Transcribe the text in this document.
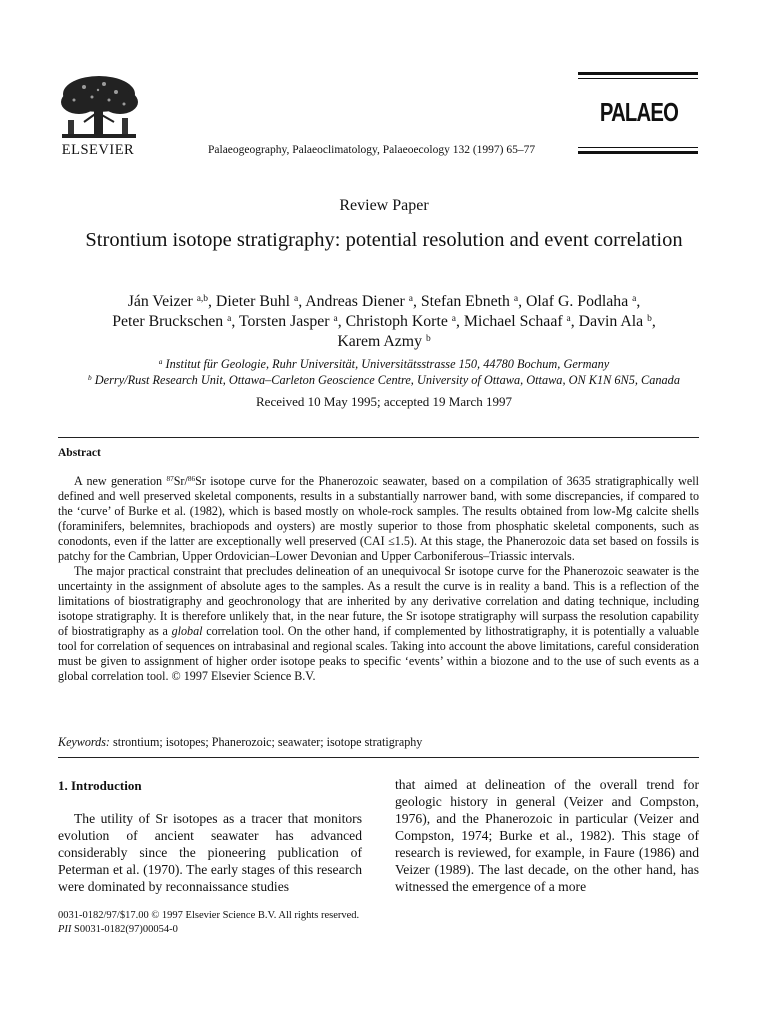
ELSEVIER	Palaeogeography, Palaeoclimatology, Palaeoecology 132 (1997) 65–77
PALAEO
Review Paper
Strontium isotope stratigraphy: potential resolution and event correlation
Ján Veizer $^{a,b}$, Dieter Buhl $^a$, Andreas Diener $^a$, Stefan Ebneth $^a$, Olaf G. Podlaha $^a$,
Peter Bruckschen $^a$, Torsten Jasper $^a$, Christoph Korte $^a$, Michael Schaaf $^a$, Davin Ala $^b$,
Karem Azmy $^b$
$^a$ Institut für Geologie, Ruhr Universität, Universitätsstrasse 150, 44780 Bochum, Germany
$^b$ Derry/Rust Research Unit, Ottawa–Carleton Geoscience Centre, University of Ottawa, Ottawa, ON K1N 6N5, Canada
Received 10 May 1995; accepted 19 March 1997
Abstract

A new generation $^{87}$Sr/$^{86}$Sr isotope curve for the Phanerozoic seawater, based on a compilation of 3635 stratigraphically well defined and well preserved skeletal components, results in a substantially narrower band, with some discrepancies, if compared to the ‘curve’ of Burke et al. (1982), which is based mostly on whole-rock samples. The results obtained from low-Mg calcite shells (foraminifers, belemnites, brachiopods and oysters) are mostly superior to those from phosphatic skeletal components, such as conodonts, even if the latter are exceptionally well preserved (CAI ≤1.5). At this stage, the Phanerozoic data set based on fossils is patchy for the Cambrian, Upper Ordovician–Lower Devonian and Upper Carboniferous–Triassic intervals.

The major practical constraint that precludes delineation of an unequivocal Sr isotope curve for the Phanerozoic seawater is the uncertainty in the assignment of absolute ages to the samples. As a result the curve is in reality a band. This is a reflection of the limitations of biostratigraphy and geochronology that are inherited by any derivative correlation and dating technique, including isotope stratigraphy. It is therefore unlikely that, in the near future, the Sr isotope stratigraphy will surpass the resolution capability of biostratigraphy as a global correlation tool. On the other hand, if complemented by lithostratigraphy, it is potentially a valuable tool for correlation of sequences on intrabasinal and regional scales. Taking into account the above limitations, careful consideration must be given to assignment of higher order isotope peaks to specific ‘events’ within a biozone and to the use of such events as a global correlation tool. © 1997 Elsevier Science B.V.

Keywords: strontium; isotopes; Phanerozoic; seawater; isotope stratigraphy
1. Introduction

The utility of Sr isotopes as a tracer that monitors evolution of ancient seawater has advanced considerably since the pioneering publication of Peterman et al. (1970). The early stages of this research were dominated by reconnaissance studies

that aimed at delineation of the overall trend for geologic history in general (Veizer and Compston, 1976), and the Phanerozoic in particular (Veizer and Compston, 1974; Burke et al., 1982). This stage of research is reviewed, for example, in Faure (1986) and Veizer (1989). The last decade, on the other hand, has witnessed the emergence of a more

0031-0182/97/$17.00 © 1997 Elsevier Science B.V. All rights reserved.
PII S0031-0182(97)00054-0
